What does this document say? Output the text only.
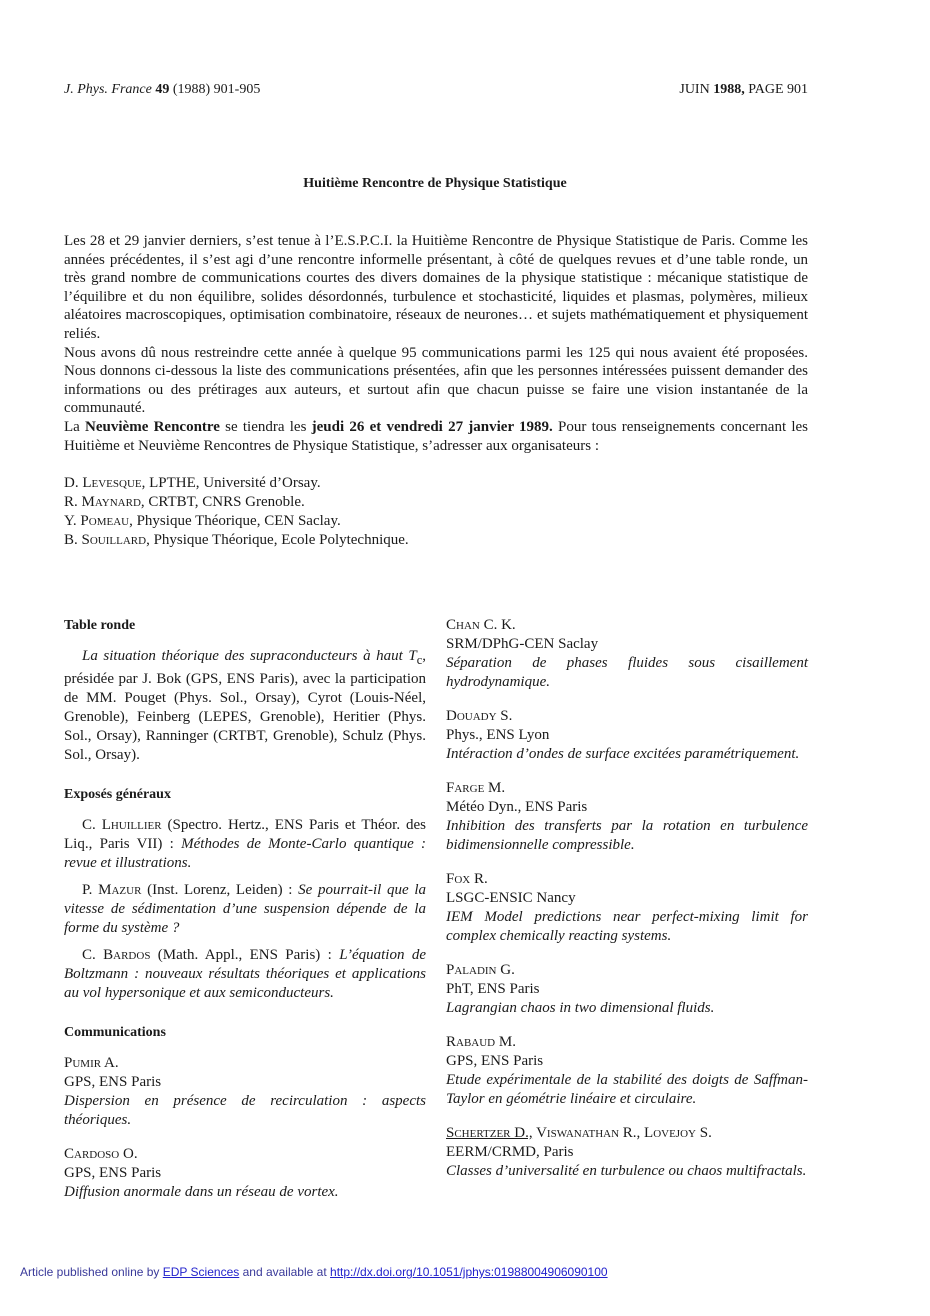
J. Phys. France 49 (1988) 901-905	JUIN 1988, PAGE 901
Huitième Rencontre de Physique Statistique

Les 28 et 29 janvier derniers, s’est tenue à l’E.S.P.C.I. la Huitième Rencontre de Physique Statistique de Paris. Comme les années précédentes, il s’est agi d’une rencontre informelle présentant, à côté de quelques revues et d’une table ronde, un très grand nombre de communications courtes des divers domaines de la physique statistique : mécanique statistique de l’équilibre et du non équilibre, solides désordonnés, turbulence et stochasticité, liquides et plasmas, polymères, milieux aléatoires macroscopiques, optimisation combinatoire, réseaux de neurones… et sujets mathématiquement et physiquement reliés.

Nous avons dû nous restreindre cette année à quelque 95 communications parmi les 125 qui nous avaient été proposées. Nous donnons ci-dessous la liste des communications présentées, afin que les personnes intéressées puissent demander des informations ou des prétirages aux auteurs, et surtout afin que chacun puisse se faire une vision instantanée de la communauté.

La Neuvième Rencontre se tiendra les jeudi 26 et vendredi 27 janvier 1989. Pour tous renseignements concernant les Huitième et Neuvième Rencontres de Physique Statistique, s’adresser aux organisateurs :

D. Levesque, LPTHE, Université d’Orsay.
R. Maynard, CRTBT, CNRS Grenoble.
Y. Pomeau, Physique Théorique, CEN Saclay.
B. Souillard, Physique Théorique, Ecole Polytechnique.
Table ronde

La situation théorique des supraconducteurs à haut $T_c$, présidée par J. Bok (GPS, ENS Paris), avec la participation de MM. Pouget (Phys. Sol., Orsay), Cyrot (Louis-Néel, Grenoble), Feinberg (LEPES, Grenoble), Heritier (Phys. Sol., Orsay), Ranninger (CRTBT, Grenoble), Schulz (Phys. Sol., Orsay).

Exposés généraux

C. Lhuillier (Spectro. Hertz., ENS Paris et Théor. des Liq., Paris VII) : Méthodes de Monte-Carlo quantique : revue et illustrations.

P. Mazur (Inst. Lorenz, Leiden) : Se pourrait-il que la vitesse de sédimentation d’une suspension dépende de la forme du système ?

C. Bardos (Math. Appl., ENS Paris) : L’équation de Boltzmann : nouveaux résultats théoriques et applications au vol hypersonique et aux semiconducteurs.

Communications
Pumir A.
GPS, ENS Paris
Dispersion en présence de recirculation : aspects théoriques.
Cardoso O.
GPS, ENS Paris
Diffusion anormale dans un réseau de vortex.
Chan C. K.
SRM/DPhG-CEN Saclay
Séparation de phases fluides sous cisaillement hydrodynamique.
Douady S.
Phys., ENS Lyon
Intéraction d’ondes de surface excitées paramétriquement.
Farge M.
Météo Dyn., ENS Paris
Inhibition des transferts par la rotation en turbulence bidimensionnelle compressible.
Fox R.
LSGC-ENSIC Nancy
IEM Model predictions near perfect-mixing limit for complex chemically reacting systems.
Paladin G.
PhT, ENS Paris
Lagrangian chaos in two dimensional fluids.
Rabaud M.
GPS, ENS Paris
Etude expérimentale de la stabilité des doigts de Saffman-Taylor en géométrie linéaire et circulaire.
Schertzer D., Viswanathan R., Lovejoy S.
EERM/CRMD, Paris
Classes d’universalité en turbulence ou chaos multifractals.
Article published online by EDP Sciences and available at http://dx.doi.org/10.1051/jphys:01988004906090100
